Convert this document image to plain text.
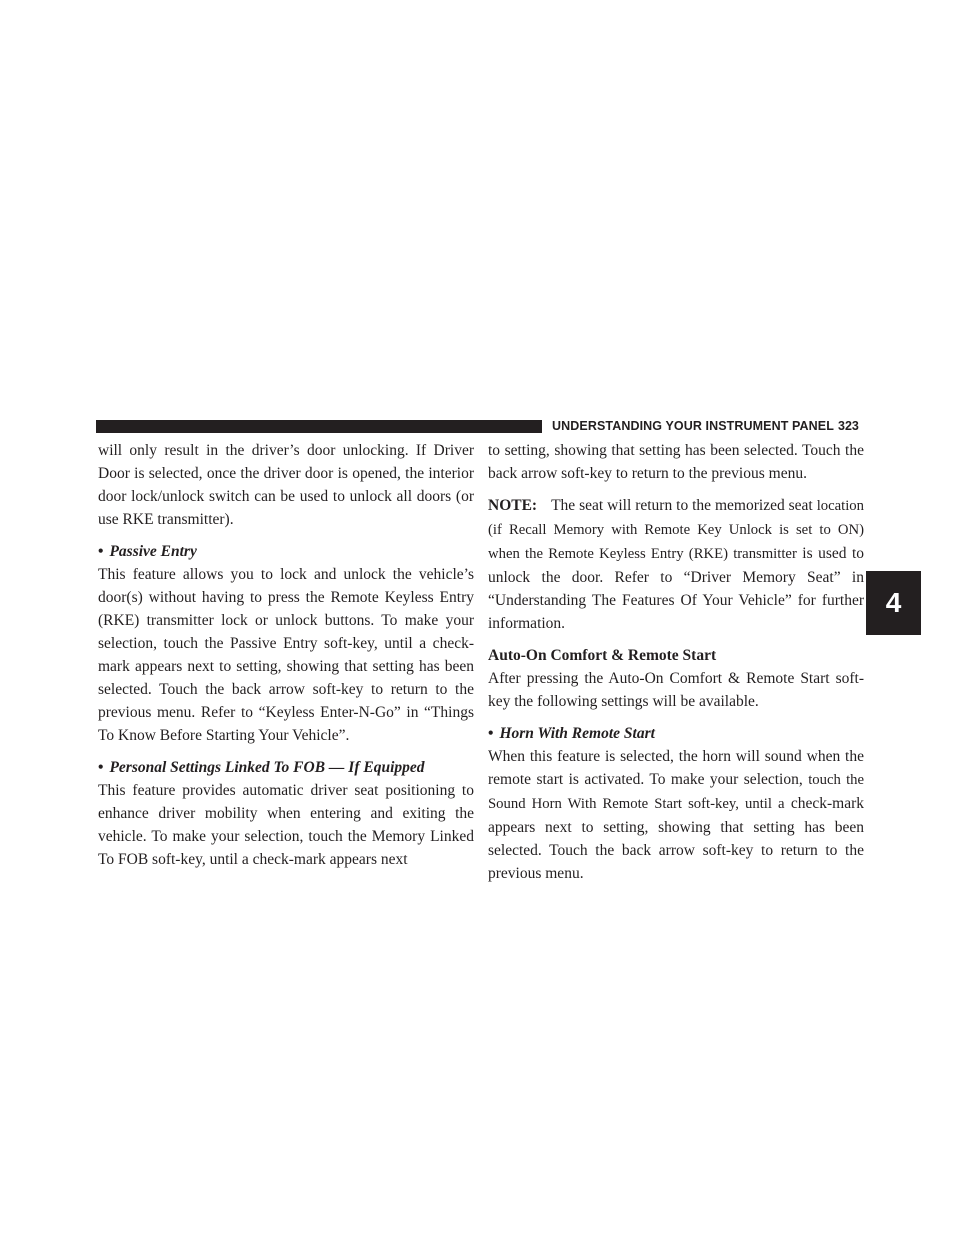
UNDERSTANDING YOUR INSTRUMENT PANEL 323
4

will only result in the driver’s door unlocking. If Driver Door is selected, once the driver door is opened, the interior door lock/unlock switch can be used to unlock all doors (or use RKE transmitter).

• Passive Entry

This feature allows you to lock and unlock the vehicle’s door(s) without having to press the Remote Keyless Entry (RKE) transmitter lock or unlock buttons. To make your selection, touch the Passive Entry soft-key, until a check-mark appears next to setting, showing that setting has been selected. Touch the back arrow soft-key to return to the previous menu. Refer to “Keyless Enter-N-Go” in “Things To Know Before Starting Your Vehicle”.

• Personal Settings Linked To FOB — If Equipped

This feature provides automatic driver seat positioning to enhance driver mobility when entering and exiting the vehicle. To make your selection, touch the Memory Linked To FOB soft-key, until a check-mark appears next

to setting, showing that setting has been selected. Touch the back arrow soft-key to return to the previous menu.

NOTE: The seat will return to the memorized seat location (if Recall Memory with Remote Key Unlock is set to ON) when the Remote Keyless Entry (RKE) transmitter is used to unlock the door. Refer to “Driver Memory Seat” in “Understanding The Features Of Your Vehicle” for further information.

Auto-On Comfort & Remote Start

After pressing the Auto-On Comfort & Remote Start soft-key the following settings will be available.

• Horn With Remote Start

When this feature is selected, the horn will sound when the remote start is activated. To make your selection, touch the Sound Horn With Remote Start soft-key, until a check-mark appears next to setting, showing that setting has been selected. Touch the back arrow soft-key to return to the previous menu.
